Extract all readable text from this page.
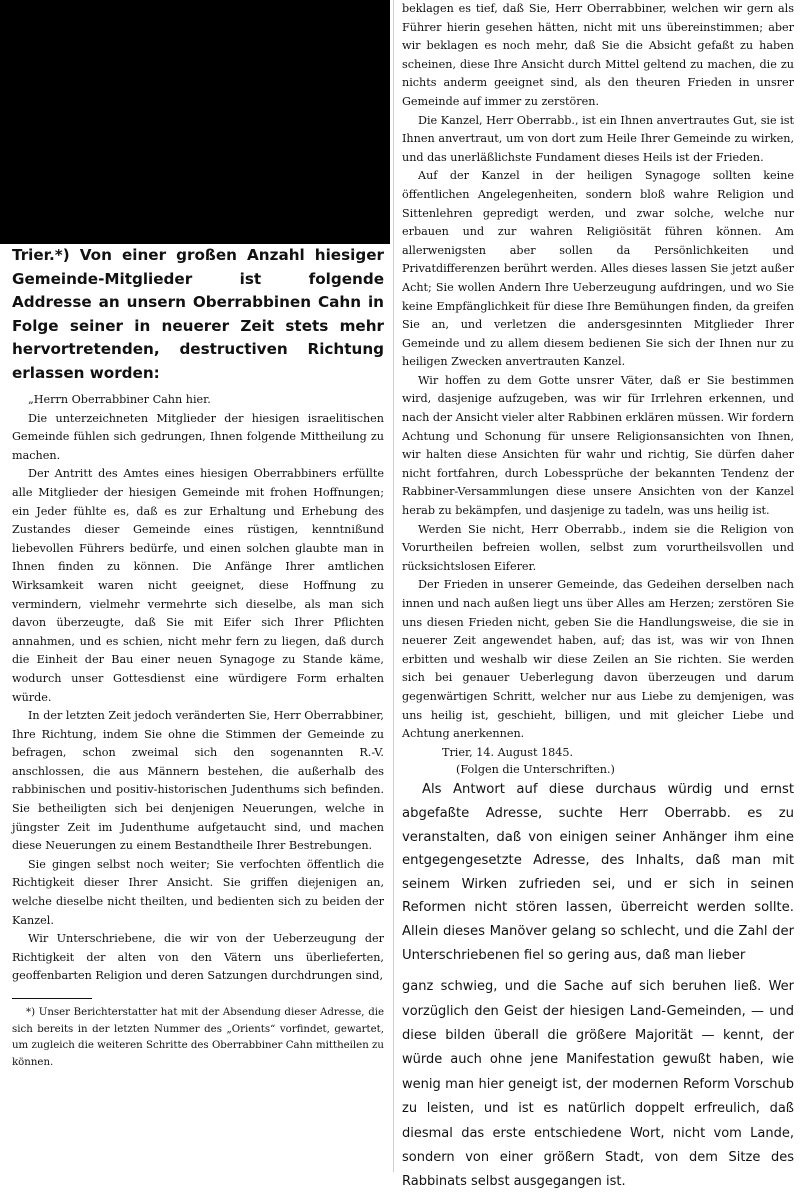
Trier.*) Von einer großen Anzahl hiesiger Gemeinde-Mitglieder ist folgende Addresse an unsern Oberrabbinen Cahn in Folge seiner in neuerer Zeit stets mehr hervortretenden, destructiven Richtung erlassen worden:

„Herrn Oberrabbiner Cahn hier.

Die unterzeichneten Mitglieder der hiesigen israelitischen Gemeinde fühlen sich gedrungen, Ihnen folgende Mittheilung zu machen.

Der Antritt des Amtes eines hiesigen Oberrabbiners erfüllte alle Mitglieder der hiesigen Gemeinde mit frohen Hoffnungen; ein Jeder fühlte es, daß es zur Erhaltung und Erhebung des Zustandes dieser Gemeinde eines rüstigen, kenntnißund liebevollen Führers bedürfe, und einen solchen glaubte man in Ihnen finden zu können. Die Anfänge Ihrer amtlichen Wirksamkeit waren nicht geeignet, diese Hoffnung zu vermindern, vielmehr vermehrte sich dieselbe, als man sich davon überzeugte, daß Sie mit Eifer sich Ihrer Pflichten annahmen, und es schien, nicht mehr fern zu liegen, daß durch die Einheit der Bau einer neuen Synagoge zu Stande käme, wodurch unser Gottesdienst eine würdigere Form erhalten würde.

In der letzten Zeit jedoch veränderten Sie, Herr Oberrabbiner, Ihre Richtung, indem Sie ohne die Stimmen der Gemeinde zu befragen, schon zweimal sich den sogenannten R.-V. anschlossen, die aus Männern bestehen, die außerhalb des rabbinischen und positiv-historischen Judenthums sich befinden. Sie betheiligten sich bei denjenigen Neuerungen, welche in jüngster Zeit im Judenthume aufgetaucht sind, und machen diese Neuerungen zu einem Bestandtheile Ihrer Bestrebungen.

Sie gingen selbst noch weiter; Sie verfochten öffentlich die Richtigkeit dieser Ihrer Ansicht. Sie griffen diejenigen an, welche dieselbe nicht theilten, und bedienten sich zu beiden der Kanzel.

Wir Unterschriebene, die wir von der Ueberzeugung der Richtigkeit der alten von den Vätern uns überlieferten, geoffenbarten Religion und deren Satzungen durchdrungen sind,

*) Unser Berichterstatter hat mit der Absendung dieser Adresse, die sich bereits in der letzten Nummer des „Orients“ vorfindet, gewartet, um zugleich die weiteren Schritte des Oberrabbiner Cahn mittheilen zu können.

beklagen es tief, daß Sie, Herr Oberrabbiner, welchen wir gern als Führer hierin gesehen hätten, nicht mit uns übereinstimmen; aber wir beklagen es noch mehr, daß Sie die Absicht gefaßt zu haben scheinen, diese Ihre Ansicht durch Mittel geltend zu machen, die zu nichts anderm geeignet sind, als den theuren Frieden in unsrer Gemeinde auf immer zu zerstören.

Die Kanzel, Herr Oberrabb., ist ein Ihnen anvertrautes Gut, sie ist Ihnen anvertraut, um von dort zum Heile Ihrer Gemeinde zu wirken, und das unerläßlichste Fundament dieses Heils ist der Frieden.

Auf der Kanzel in der heiligen Synagoge sollten keine öffentlichen Angelegenheiten, sondern bloß wahre Religion und Sittenlehren gepredigt werden, und zwar solche, welche nur erbauen und zur wahren Religiösität führen können. Am allerwenigsten aber sollen da Persönlichkeiten und Privatdifferenzen berührt werden. Alles dieses lassen Sie jetzt außer Acht; Sie wollen Andern Ihre Ueberzeugung aufdringen, und wo Sie keine Empfänglichkeit für diese Ihre Bemühungen finden, da greifen Sie an, und verletzen die andersgesinnten Mitglieder Ihrer Gemeinde und zu allem diesem bedienen Sie sich der Ihnen nur zu heiligen Zwecken anvertrauten Kanzel.

Wir hoffen zu dem Gotte unsrer Väter, daß er Sie bestimmen wird, dasjenige aufzugeben, was wir für Irrlehren erkennen, und nach der Ansicht vieler alter Rabbinen erklären müssen. Wir fordern Achtung und Schonung für unsere Religionsansichten von Ihnen, wir halten diese Ansichten für wahr und richtig, Sie dürfen daher nicht fortfahren, durch Lobessprüche der bekannten Tendenz der Rabbiner-Versammlungen diese unsere Ansichten von der Kanzel herab zu bekämpfen, und dasjenige zu tadeln, was uns heilig ist.

Werden Sie nicht, Herr Oberrabb., indem sie die Religion von Vorurtheilen befreien wollen, selbst zum vorurtheilsvollen und rücksichtslosen Eiferer.

Der Frieden in unserer Gemeinde, das Gedeihen derselben nach innen und nach außen liegt uns über Alles am Herzen; zerstören Sie uns diesen Frieden nicht, geben Sie die Handlungsweise, die sie in neuerer Zeit angewendet haben, auf; das ist, was wir von Ihnen erbitten und weshalb wir diese Zeilen an Sie richten. Sie werden sich bei genauer Ueberlegung davon überzeugen und darum gegenwärtigen Schritt, welcher nur aus Liebe zu demjenigen, was uns heilig ist, geschieht, billigen, und mit gleicher Liebe und Achtung anerkennen.

Trier, 14. August 1845.

(Folgen die Unterschriften.)

Als Antwort auf diese durchaus würdig und ernst abgefaßte Adresse, suchte Herr Oberrabb. es zu veranstalten, daß von einigen seiner Anhänger ihm eine entgegengesetzte Adresse, des Inhalts, daß man mit seinem Wirken zufrieden sei, und er sich in seinen Reformen nicht stören lassen, überreicht werden sollte. Allein dieses Manöver gelang so schlecht, und die Zahl der Unterschriebenen fiel so gering aus, daß man lieber

ganz schwieg, und die Sache auf sich beruhen ließ. Wer vorzüglich den Geist der hiesigen Land-Gemeinden, — und diese bilden überall die größere Majorität — kennt, der würde auch ohne jene Manifestation gewußt haben, wie wenig man hier geneigt ist, der modernen Reform Vorschub zu leisten, und ist es natürlich doppelt erfreulich, daß diesmal das erste entschiedene Wort, nicht vom Lande, sondern von einer größern Stadt, von dem Sitze des Rabbinats selbst ausgegangen ist.
